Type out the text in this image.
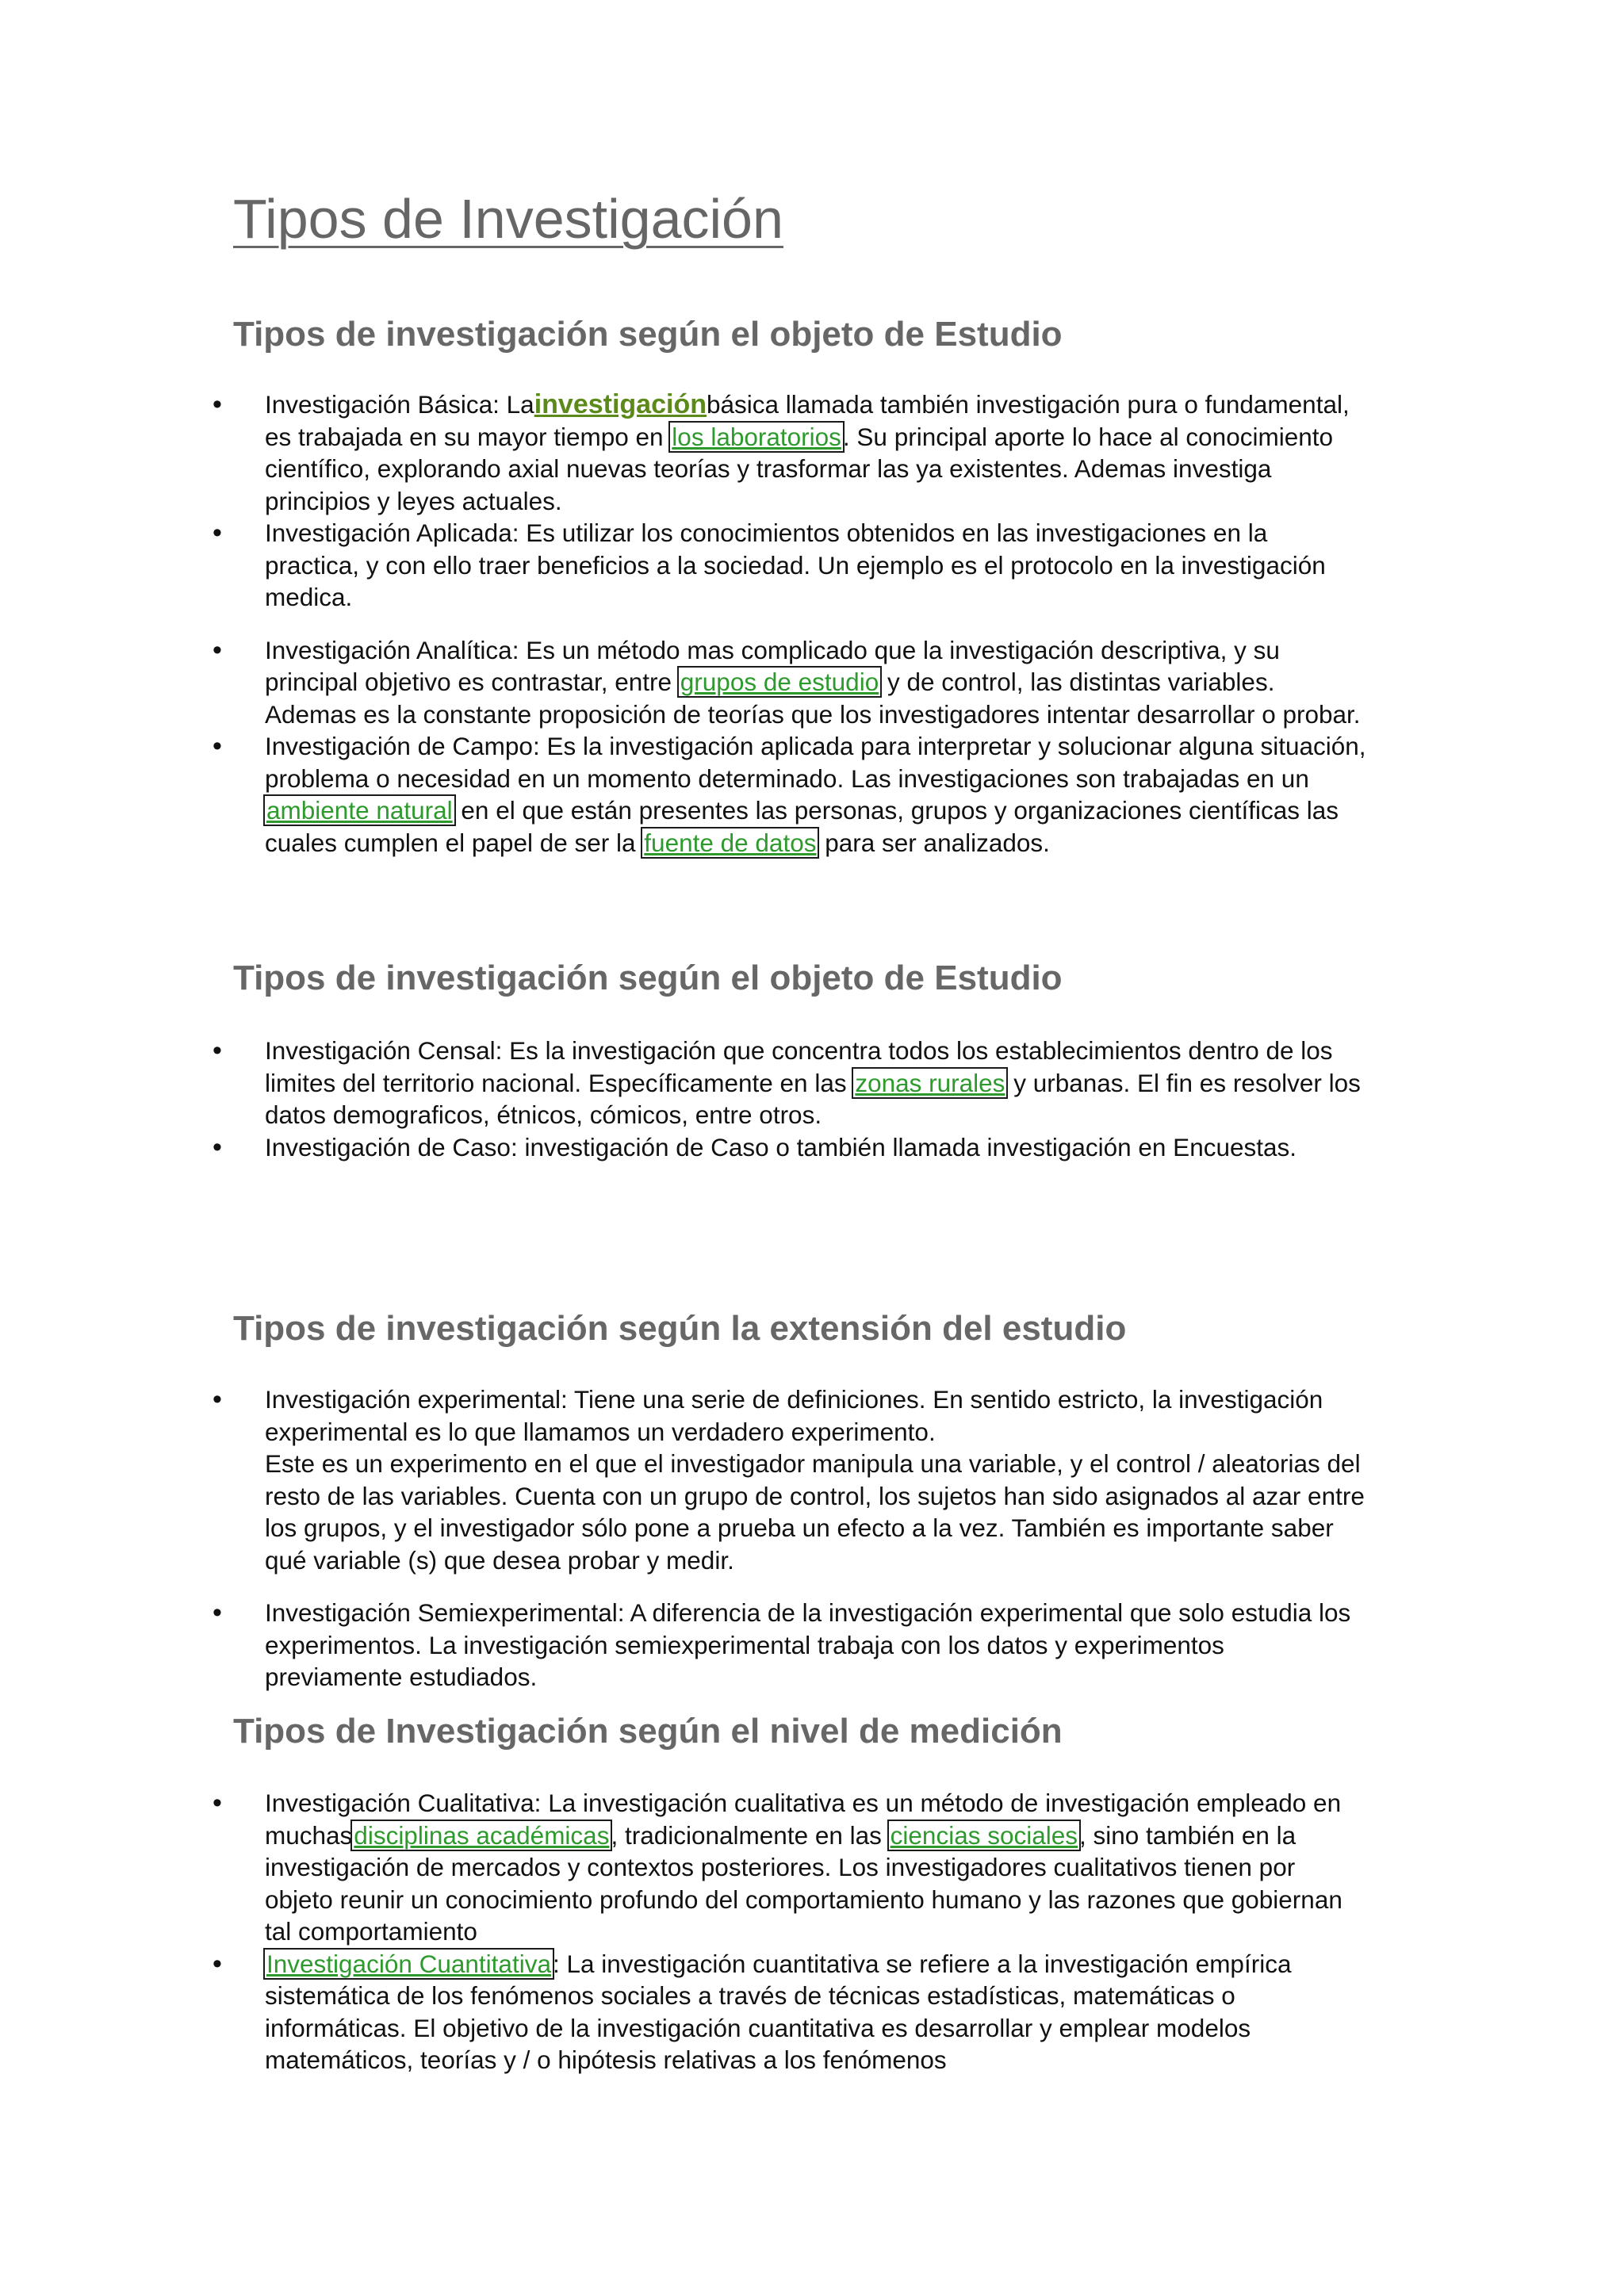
Tipos de Investigación
Tipos de investigación según el objeto de Estudio
• Investigación Básica: Lainvestigaciónbásica llamada también investigación pura o fundamental, es trabajada en su mayor tiempo en los laboratorios. Su principal aporte lo hace al conocimiento científico, explorando axial nuevas teorías y trasformar las ya existentes. Ademas investiga principios y leyes actuales.
• Investigación Aplicada: Es utilizar los conocimientos obtenidos en las investigaciones en la practica, y con ello traer beneficios a la sociedad. Un ejemplo es el protocolo en la investigación medica.
• Investigación Analítica: Es un método mas complicado que la investigación descriptiva, y su principal objetivo es contrastar, entre grupos de estudio y de control, las distintas variables. Ademas es la constante proposición de teorías que los investigadores intentar desarrollar o probar.
• Investigación de Campo: Es la investigación aplicada para interpretar y solucionar alguna situación, problema o necesidad en un momento determinado. Las investigaciones son trabajadas en un ambiente natural en el que están presentes las personas, grupos y organizaciones científicas las cuales cumplen el papel de ser la fuente de datos para ser analizados.
Tipos de investigación según el objeto de Estudio
• Investigación Censal: Es la investigación que concentra todos los establecimientos dentro de los limites del territorio nacional. Específicamente en las zonas rurales y urbanas. El fin es resolver los datos demograficos, étnicos, cómicos, entre otros.
• Investigación de Caso: investigación de Caso o también llamada investigación en Encuestas.
Tipos de investigación según la extensión del estudio
• Investigación experimental: Tiene una serie de definiciones. En sentido estricto, la investigación experimental es lo que llamamos un verdadero experimento.
Este es un experimento en el que el investigador manipula una variable, y el control / aleatorias del resto de las variables. Cuenta con un grupo de control, los sujetos han sido asignados al azar entre los grupos, y el investigador sólo pone a prueba un efecto a la vez. También es importante saber qué variable (s) que desea probar y medir.
• Investigación Semiexperimental: A diferencia de la investigación experimental que solo estudia los experimentos. La investigación semiexperimental trabaja con los datos y experimentos previamente estudiados.
Tipos de Investigación según el nivel de medición
• Investigación Cualitativa: La investigación cualitativa es un método de investigación empleado en muchasdisciplinas académicas, tradicionalmente en las ciencias sociales, sino también en la investigación de mercados y contextos posteriores. Los investigadores cualitativos tienen por objeto reunir un conocimiento profundo del comportamiento humano y las razones que gobiernan tal comportamiento
• Investigación Cuantitativa: La investigación cuantitativa se refiere a la investigación empírica sistemática de los fenómenos sociales a través de técnicas estadísticas, matemáticas o informáticas. El objetivo de la investigación cuantitativa es desarrollar y emplear modelos matemáticos, teorías y / o hipótesis relativas a los fenómenos
